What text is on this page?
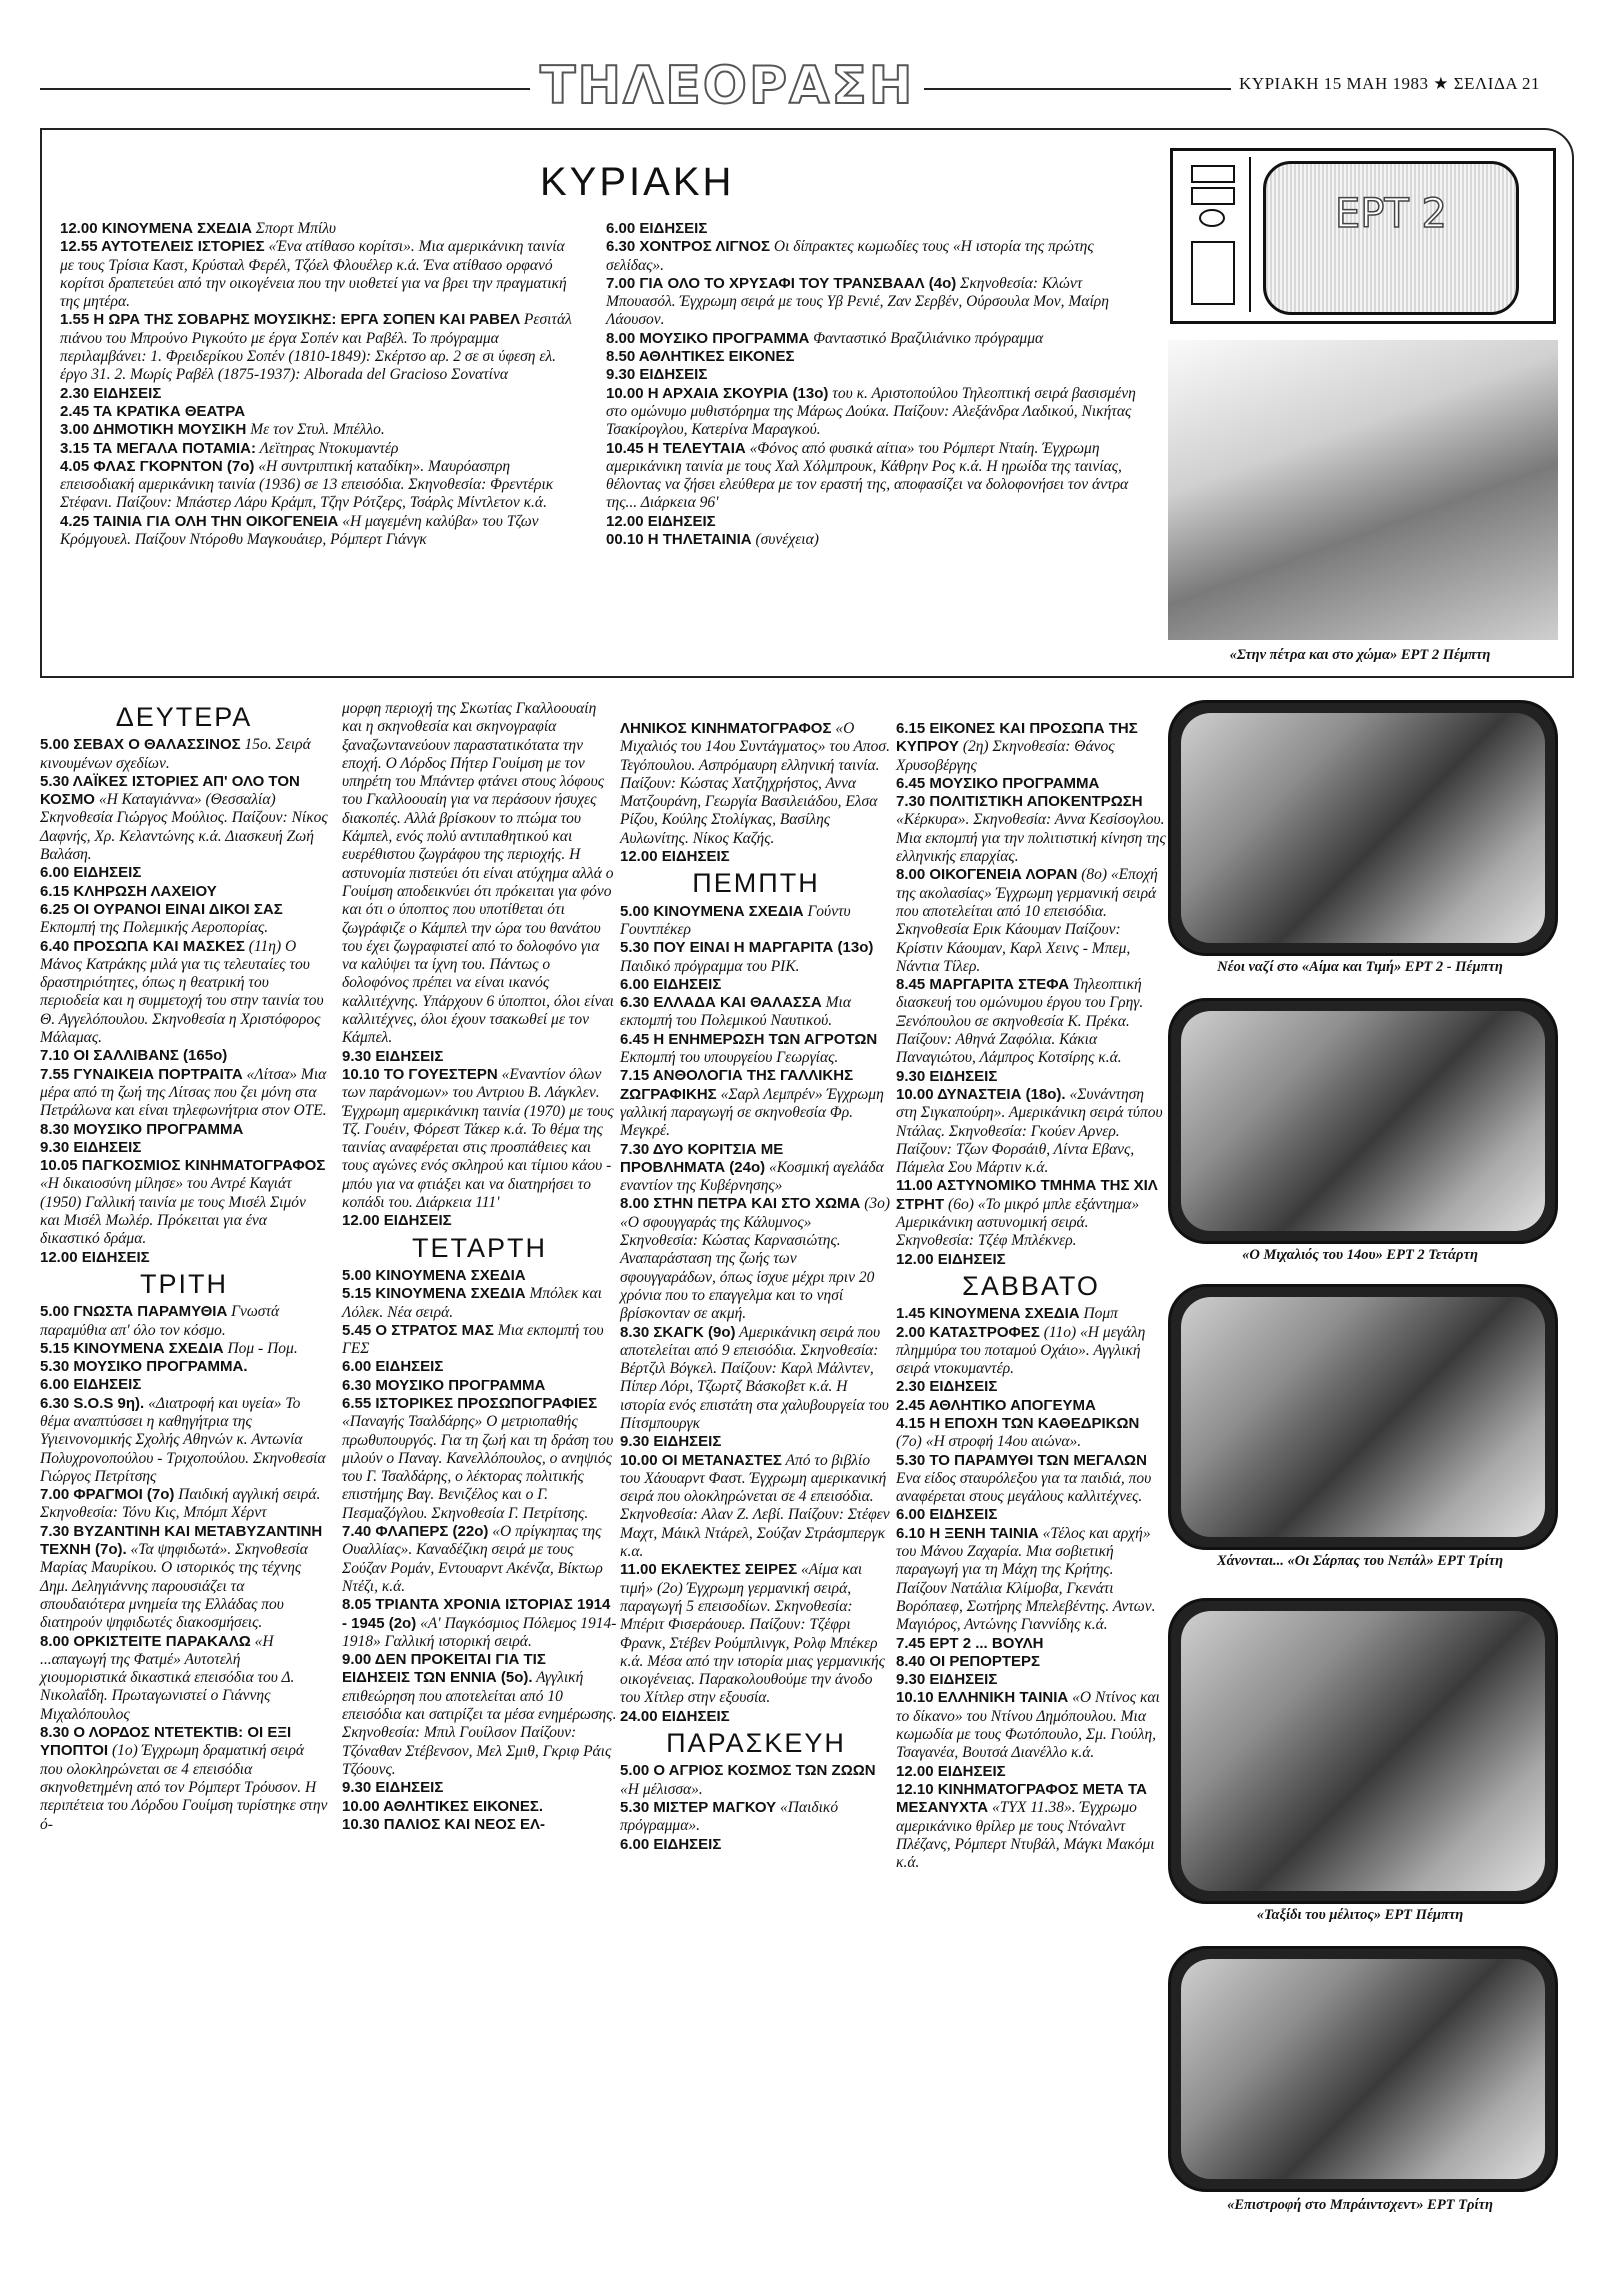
ΤΗΛΕΟΡΑΣΗ	ΚΥΡΙΑΚΗ 15 ΜΑΗ 1983 ★ ΣΕΛΙΔΑ 21
ΚΥΡΙΑΚΗ

12.00 ΚΙΝΟΥΜΕΝΑ ΣΧΕΔΙΑ Σπορτ Μπίλυ

12.55 ΑΥΤΟΤΕΛΕΙΣ ΙΣΤΟΡΙΕΣ «Ένα ατίθασο κορίτσι». Μια αμερικάνικη ταινία με τους Τρίσια Καστ, Κρύσταλ Φερέλ, Τζόελ Φλουέλερ κ.ά. Ένα ατίθασο ορφανό κορίτσι δραπετεύει από την οικογένεια που την υιοθετεί για να βρει την πραγματική της μητέρα.

1.55 Η ΩΡΑ ΤΗΣ ΣΟΒΑΡΗΣ ΜΟΥΣΙΚΗΣ: ΕΡΓΑ ΣΟΠΕΝ ΚΑΙ ΡΑΒΕΛ Ρεσιτάλ πιάνου του Μπρούνο Ριγκούτο με έργα Σοπέν και Ραβέλ. Το πρόγραμμα περιλαμβάνει: 1. Φρειδερίκου Σοπέν (1810-1849): Σκέρτσο αρ. 2 σε σι ύφεση ελ. έργο 31. 2. Μωρίς Ραβέλ (1875-1937): Alborada del Gracioso Σονατίνα

2.30 ΕΙΔΗΣΕΙΣ

2.45 ΤΑ ΚΡΑΤΙΚΑ ΘΕΑΤΡΑ

3.00 ΔΗΜΟΤΙΚΗ ΜΟΥΣΙΚΗ Με τον Στυλ. Μπέλλο.

3.15 ΤΑ ΜΕΓΑΛΑ ΠΟΤΑΜΙΑ: Λεϊτηρας Ντοκυμαντέρ

4.05 ΦΛΑΣ ΓΚΟΡΝΤΟΝ (7ο) «Η συντριπτική καταδίκη». Μαυρόασπρη επεισοδιακή αμερικάνικη ταινία (1936) σε 13 επεισόδια. Σκηνοθεσία: Φρεντέρικ Στέφανι. Παίζουν: Μπάστερ Λάρυ Κράμπ, Τζην Ρότζερς, Τσάρλς Μίντλετον κ.ά.

4.25 ΤΑΙΝΙΑ ΓΙΑ ΟΛΗ ΤΗΝ ΟΙΚΟΓΕΝΕΙΑ «Η μαγεμένη καλύβα» του Τζων Κρόμγουελ. Παίζουν Ντόροθυ Μαγκουάιερ, Ρόμπερτ Γιάνγκ

6.00 ΕΙΔΗΣΕΙΣ

6.30 ΧΟΝΤΡΟΣ ΛΙΓΝΟΣ Οι δίπρακτες κωμωδίες τους «Η ιστορία της πρώτης σελίδας».

7.00 ΓΙΑ ΟΛΟ ΤΟ ΧΡΥΣΑΦΙ ΤΟΥ ΤΡΑΝΣΒΑΑΛ (4ο) Σκηνοθεσία: Κλώντ Μπουασόλ. Έγχρωμη σειρά με τους Υβ Ρενιέ, Ζαν Σερβέν, Ούρσουλα Μον, Μαίρη Λάουσον.

8.00 ΜΟΥΣΙΚΟ ΠΡΟΓΡΑΜΜΑ Φανταστικό Βραζιλιάνικο πρόγραμμα

8.50 ΑΘΛΗΤΙΚΕΣ ΕΙΚΟΝΕΣ

9.30 ΕΙΔΗΣΕΙΣ

10.00 Η ΑΡΧΑΙΑ ΣΚΟΥΡΙΑ (13ο) του κ. Αριστοπούλου Τηλεοπτική σειρά βασισμένη στο ομώνυμο μυθιστόρημα της Μάρως Δούκα. Παίζουν: Αλεξάνδρα Λαδικού, Νικήτας Τσακίρογλου, Κατερίνα Μαραγκού.

10.45 Η ΤΕΛΕΥΤΑΙΑ «Φόνος από φυσικά αίτια» του Ρόμπερτ Νταίη. Έγχρωμη αμερικάνικη ταινία με τους Χαλ Χόλμπρουκ, Κάθρην Ρος κ.ά. Η ηρωίδα της ταινίας, θέλοντας να ζήσει ελεύθερα με τον εραστή της, αποφασίζει να δολοφονήσει τον άντρα της... Διάρκεια 96'

12.00 ΕΙΔΗΣΕΙΣ

00.10 Η ΤΗΛΕΤΑΙΝΙΑ (συνέχεια)

ΕΡΤ 2
«Στην πέτρα και στο χώμα» ΕΡΤ 2 Πέμπτη
ΔΕΥΤΕΡΑ

5.00 ΣΕΒΑΧ Ο ΘΑΛΑΣΣΙΝΟΣ 15ο. Σειρά κινουμένων σχεδίων.

5.30 ΛΑΪΚΕΣ ΙΣΤΟΡΙΕΣ ΑΠ' ΟΛΟ ΤΟΝ ΚΟΣΜΟ «Η Καταγιάννα» (Θεσσαλία) Σκηνοθεσία Γιώργος Μούλιος. Παίζουν: Νίκος Δαφνής, Χρ. Κελαντώνης κ.ά. Διασκευή Ζωή Βαλάση.

6.00 ΕΙΔΗΣΕΙΣ

6.15 ΚΛΗΡΩΣΗ ΛΑΧΕΙΟΥ

6.25 ΟΙ ΟΥΡΑΝΟΙ ΕΙΝΑΙ ΔΙΚΟΙ ΣΑΣ Εκπομπή της Πολεμικής Αεροπορίας.

6.40 ΠΡΟΣΩΠΑ ΚΑΙ ΜΑΣΚΕΣ (11η) Ο Μάνος Κατράκης μιλά για τις τελευταίες του δραστηριότητες, όπως η θεατρική του περιοδεία και η συμμετοχή του στην ταινία του Θ. Αγγελόπουλου. Σκηνοθεσία η Χριστόφορος Μάλαμας.

7.10 ΟΙ ΣΑΛΛΙΒΑΝΣ (165ο)

7.55 ΓΥΝΑΙΚΕΙΑ ΠΟΡΤΡΑΙΤΑ «Λίτσα» Μια μέρα από τη ζωή της Λίτσας που ζει μόνη στα Πετράλωνα και είναι τηλεφωνήτρια στον ΟΤΕ.

8.30 ΜΟΥΣΙΚΟ ΠΡΟΓΡΑΜΜΑ

9.30 ΕΙΔΗΣΕΙΣ

10.05 ΠΑΓΚΟΣΜΙΟΣ ΚΙΝΗΜΑΤΟΓΡΑΦΟΣ «Η δικαιοσύνη μίλησε» του Αντρέ Καγιάτ (1950) Γαλλική ταινία με τους Μισέλ Σιμόν και Μισέλ Μωλέρ. Πρόκειται για ένα δικαστικό δράμα.

12.00 ΕΙΔΗΣΕΙΣ

ΤΡΙΤΗ

5.00 ΓΝΩΣΤΑ ΠΑΡΑΜΥΘΙΑ Γνωστά παραμύθια απ' όλο τον κόσμο.

5.15 ΚΙΝΟΥΜΕΝΑ ΣΧΕΔΙΑ Πομ - Πομ.

5.30 ΜΟΥΣΙΚΟ ΠΡΟΓΡΑΜΜΑ.

6.00 ΕΙΔΗΣΕΙΣ

6.30 S.O.S 9η). «Διατροφή και υγεία» Το θέμα αναπτύσσει η καθηγήτρια της Υγιεινονομικής Σχολής Αθηνών κ. Αντωνία Πολυχρονοπούλου - Τριχοπούλου. Σκηνοθεσία Γιώργος Πετρίτσης

7.00 ΦΡΑΓΜΟΙ (7ο) Παιδική αγγλική σειρά. Σκηνοθεσία: Τόνυ Κις, Μπόμπ Χέρντ

7.30 ΒΥΖΑΝΤΙΝΗ ΚΑΙ ΜΕΤΑΒΥΖΑΝΤΙΝΗ ΤΕΧΝΗ (7ο). «Τα ψηφιδωτά». Σκηνοθεσία Μαρίας Μαυρίκου. Ο ιστορικός της τέχνης Δημ. Δεληγιάννης παρουσιάζει τα σπουδαιότερα μνημεία της Ελλάδας που διατηρούν ψηφιδωτές διακοσμήσεις.

8.00 ΟΡΚΙΣΤΕΙΤΕ ΠΑΡΑΚΑΛΩ «Η ...απαγωγή της Φατμέ» Αυτοτελή χιουμοριστικά δικαστικά επεισόδια του Δ. Νικολαΐδη. Πρωταγωνιστεί ο Γιάννης Μιχαλόπουλος

8.30 Ο ΛΟΡΔΟΣ ΝΤΕΤΕΚΤΙΒ: ΟΙ ΕΞΙ ΥΠΟΠΤΟΙ (1ο) Έγχρωμη δραματική σειρά που ολοκληρώνεται σε 4 επεισόδια σκηνοθετημένη από τον Ρόμπερτ Τρόυσον. Η περιπέτεια του Λόρδου Γουίμση τυρίστηκε στην ό-

μορφη περιοχή της Σκωτίας Γκαλλοουαίη και η σκηνοθεσία και σκηνογραφία ξαναζωντανεύουν παραστατικότατα την εποχή. Ο Λόρδος Πήτερ Γουίμση με τον υπηρέτη του Μπάντερ φτάνει στους λόφους του Γκαλλοουαίη για να περάσουν ήσυχες διακοπές. Αλλά βρίσκουν το πτώμα του Κάμπελ, ενός πολύ αντιπαθητικού και ευερέθιστου ζωγράφου της περιοχής. Η αστυνομία πιστεύει ότι είναι ατύχημα αλλά ο Γουίμση αποδεικνύει ότι πρόκειται για φόνο και ότι ο ύποπτος που υποτίθεται ότι ζωγράφιζε ο Κάμπελ την ώρα του θανάτου του έχει ζωγραφιστεί από το δολοφόνο για να καλύψει τα ίχνη του. Πάντως ο δολοφόνος πρέπει να είναι ικανός καλλιτέχνης. Υπάρχουν 6 ύποπτοι, όλοι είναι καλλιτέχνες, όλοι έχουν τσακωθεί με τον Κάμπελ.

9.30 ΕΙΔΗΣΕΙΣ

10.10 ΤΟ ΓΟΥΕΣΤΕΡΝ «Εναντίον όλων των παράνομων» του Αντριου Β. Λάγκλεν. Έγχρωμη αμερικάνικη ταινία (1970) με τους Τζ. Γουέιν, Φόρεστ Τάκερ κ.ά. Το θέμα της ταινίας αναφέρεται στις προσπάθειες και τους αγώνες ενός σκληρού και τίμιου κάου - μπόυ για να φτιάξει και να διατηρήσει το κοπάδι του. Διάρκεια 111'

12.00 ΕΙΔΗΣΕΙΣ

ΤΕΤΑΡΤΗ

5.00 ΚΙΝΟΥΜΕΝΑ ΣΧΕΔΙΑ

5.15 ΚΙΝΟΥΜΕΝΑ ΣΧΕΔΙΑ Μπόλεκ και Λόλεκ. Νέα σειρά.

5.45 Ο ΣΤΡΑΤΟΣ ΜΑΣ Μια εκπομπή του ΓΕΣ

6.00 ΕΙΔΗΣΕΙΣ

6.30 ΜΟΥΣΙΚΟ ΠΡΟΓΡΑΜΜΑ

6.55 ΙΣΤΟΡΙΚΕΣ ΠΡΟΣΩΠΟΓΡΑΦΙΕΣ «Παναγής Τσαλδάρης» Ο μετριοπαθής πρωθυπουργός. Για τη ζωή και τη δράση του μιλούν ο Παναγ. Κανελλόπουλος, ο ανηψιός του Γ. Τσαλδάρης, ο λέκτορας πολιτικής επιστήμης Βαγ. Βενιζέλος και ο Γ. Πεσμαζόγλου. Σκηνοθεσία Γ. Πετρίτσης.

7.40 ΦΛΑΠΕΡΣ (22ο) «Ο πρίγκηπας της Ουαλλίας». Καναδέζικη σειρά με τους Σούζαν Ρομάν, Εντουαρντ Ακένζα, Βίκτωρ Ντέζι, κ.ά.

8.05 ΤΡΙΑΝΤΑ ΧΡΟΝΙΑ ΙΣΤΟΡΙΑΣ 1914 - 1945 (2ο) «Α' Παγκόσμιος Πόλεμος 1914-1918» Γαλλική ιστορική σειρά.

9.00 ΔΕΝ ΠΡΟΚΕΙΤΑΙ ΓΙΑ ΤΙΣ ΕΙΔΗΣΕΙΣ ΤΩΝ ΕΝΝΙΑ (5ο). Αγγλική επιθεώρηση που αποτελείται από 10 επεισόδια και σατιρίζει τα μέσα ενημέρωσης. Σκηνοθεσία: Μπιλ Γουίλσον Παίζουν: Τζόναθαν Στέβενσον, Μελ Σμιθ, Γκριφ Ράις Τζόουνς.

9.30 ΕΙΔΗΣΕΙΣ

10.00 ΑΘΛΗΤΙΚΕΣ ΕΙΚΟΝΕΣ.

10.30 ΠΑΛΙΟΣ ΚΑΙ ΝΕΟΣ ΕΛ-

ΛΗΝΙΚΟΣ ΚΙΝΗΜΑΤΟΓΡΑΦΟΣ «Ο Μιχαλιός του 14ου Συντάγματος» του Αποσ. Τεγόπουλου. Ασπρόμαυρη ελληνική ταινία. Παίζουν: Κώστας Χατζηχρήστος, Αννα Ματζουράνη, Γεωργία Βασιλειάδου, Ελσα Ρίζου, Κούλης Στολίγκας, Βασίλης Αυλωνίτης. Νίκος Καζής.

12.00 ΕΙΔΗΣΕΙΣ

ΠΕΜΠΤΗ

5.00 ΚΙΝΟΥΜΕΝΑ ΣΧΕΔΙΑ Γούντυ Γουντπέκερ

5.30 ΠΟΥ ΕΙΝΑΙ Η ΜΑΡΓΑΡΙΤΑ (13ο) Παιδικό πρόγραμμα του ΡΙΚ.

6.00 ΕΙΔΗΣΕΙΣ

6.30 ΕΛΛΑΔΑ ΚΑΙ ΘΑΛΑΣΣΑ Μια εκπομπή του Πολεμικού Ναυτικού.

6.45 Η ΕΝΗΜΕΡΩΣΗ ΤΩΝ ΑΓΡΟΤΩΝ Εκπομπή του υπουργείου Γεωργίας.

7.15 ΑΝΘΟΛΟΓΙΑ ΤΗΣ ΓΑΛΛΙΚΗΣ ΖΩΓΡΑΦΙΚΗΣ «Σαρλ Λεμπρέν» Έγχρωμη γαλλική παραγωγή σε σκηνοθεσία Φρ. Μεγκρέ.

7.30 ΔΥΟ ΚΟΡΙΤΣΙΑ ΜΕ ΠΡΟΒΛΗΜΑΤΑ (24ο) «Κοσμική αγελάδα εναντίον της Κυβέρνησης»

8.00 ΣΤΗΝ ΠΕΤΡΑ ΚΑΙ ΣΤΟ ΧΩΜΑ (3ο) «Ο σφουγγαράς της Κάλυμνος» Σκηνοθεσία: Κώστας Καρνασιώτης. Αναπαράσταση της ζωής των σφουγγαράδων, όπως ίσχυε μέχρι πριν 20 χρόνια που το επαγγελμα και το νησί βρίσκονταν σε ακμή.

8.30 ΣΚΑΓΚ (9ο) Αμερικάνικη σειρά που αποτελείται από 9 επεισόδια. Σκηνοθεσία: Βέρτζιλ Βόγκελ. Παίζουν: Καρλ Μάλντεν, Πίπερ Λόρι, Τζωρτζ Βάσκοβετ κ.ά. Η ιστορία ενός επιστάτη στα χαλυβουργεία του Πίτσμπουργκ

9.30 ΕΙΔΗΣΕΙΣ

10.00 ΟΙ ΜΕΤΑΝΑΣΤΕΣ Από το βιβλίο του Χάουαρντ Φαστ. Έγχρωμη αμερικανική σειρά που ολοκληρώνεται σε 4 επεισόδια. Σκηνοθεσία: Αλαν Ζ. Λεβί. Παίζουν: Στέφεν Μαχτ, Μάικλ Ντάρελ, Σούζαν Στράσμπεργκ κ.α.

11.00 ΕΚΛΕΚΤΕΣ ΣΕΙΡΕΣ «Αίμα και τιμή» (2ο) Έγχρωμη γερμανική σειρά, παραγωγή 5 επεισοδίων. Σκηνοθεσία: Μπέριτ Φισεράουερ. Παίζουν: Τζέφρι Φρανκ, Στέβεν Ρούμπλινγκ, Ρολφ Μπέκερ κ.ά. Μέσα από την ιστορία μιας γερμανικής οικογένειας. Παρακολουθούμε την άνοδο του Χίτλερ στην εξουσία.

24.00 ΕΙΔΗΣΕΙΣ

ΠΑΡΑΣΚΕΥΗ

5.00 Ο ΑΓΡΙΟΣ ΚΟΣΜΟΣ ΤΩΝ ΖΩΩΝ «Η μέλισσα».

5.30 ΜΙΣΤΕΡ ΜΑΓΚΟΥ «Παιδικό πρόγραμμα».

6.00 ΕΙΔΗΣΕΙΣ

6.15 ΕΙΚΟΝΕΣ ΚΑΙ ΠΡΟΣΩΠΑ ΤΗΣ ΚΥΠΡΟΥ (2η) Σκηνοθεσία: Θάνος Χρυσοβέργης

6.45 ΜΟΥΣΙΚΟ ΠΡΟΓΡΑΜΜΑ

7.30 ΠΟΛΙΤΙΣΤΙΚΗ ΑΠΟΚΕΝΤΡΩΣΗ «Κέρκυρα». Σκηνοθεσία: Αννα Κεσίσογλου. Μια εκπομπή για την πολιτιστική κίνηση της ελληνικής επαρχίας.

8.00 ΟΙΚΟΓΕΝΕΙΑ ΛΟΡΑΝ (8ο) «Εποχή της ακολασίας» Έγχρωμη γερμανική σειρά που αποτελείται από 10 επεισόδια. Σκηνοθεσία Ερικ Κάουμαν Παίζουν: Κρίστιν Κάουμαν, Καρλ Χεινς - Μπεμ, Νάντια Τίλερ.

8.45 ΜΑΡΓΑΡΙΤΑ ΣΤΕΦΑ Τηλεοπτική διασκευή του ομώνυμου έργου του Γρηγ. Ξενόπουλου σε σκηνοθεσία Κ. Πρέκα. Παίζουν: Αθηνά Ζαφόλια. Κάκια Παναγιώτου, Λάμπρος Κοτσίρης κ.ά.

9.30 ΕΙΔΗΣΕΙΣ

10.00 ΔΥΝΑΣΤΕΙΑ (18ο). «Συνάντηση στη Σιγκαπούρη». Αμερικάνικη σειρά τύπου Ντάλας. Σκηνοθεσία: Γκούεν Αρνερ. Παίζουν: Τζων Φορσάιθ, Λίντα Εβανς, Πάμελα Σου Μάρτιν κ.ά.

11.00 ΑΣΤΥΝΟΜΙΚΟ ΤΜΗΜΑ ΤΗΣ ΧΙΛ ΣΤΡΗΤ (6ο) «Το μικρό μπλε εξάντημα» Αμερικάνικη αστυνομική σειρά. Σκηνοθεσία: Τζέφ Μπλέκνερ.

12.00 ΕΙΔΗΣΕΙΣ

ΣΑΒΒΑΤΟ

1.45 ΚΙΝΟΥΜΕΝΑ ΣΧΕΔΙΑ Πομπ

2.00 ΚΑΤΑΣΤΡΟΦΕΣ (11ο) «Η μεγάλη πλημμύρα του ποταμού Οχάιο». Αγγλική σειρά ντοκυμαντέρ.

2.30 ΕΙΔΗΣΕΙΣ

2.45 ΑΘΛΗΤΙΚΟ ΑΠΟΓΕΥΜΑ

4.15 Η ΕΠΟΧΗ ΤΩΝ ΚΑΘΕΔΡΙΚΩΝ (7ο) «Η στροφή 14ου αιώνα».

5.30 ΤΟ ΠΑΡΑΜΥΘΙ ΤΩΝ ΜΕΓΑΛΩΝ Ενα είδος σταυρόλεξου για τα παιδιά, που αναφέρεται στους μεγάλους καλλιτέχνες.

6.00 ΕΙΔΗΣΕΙΣ

6.10 Η ΞΕΝΗ ΤΑΙΝΙΑ «Τέλος και αρχή» του Μάνου Ζαχαρία. Μια σοβιετική παραγωγή για τη Μάχη της Κρήτης. Παίζουν Νατάλια Κλίμοβα, Γκενάτι Βορόπαεφ, Σωτήρης Μπελεβέντης. Αντων. Μαγιόρος, Αντώνης Γιαννίδης κ.ά.

7.45 ΕΡΤ 2 ... ΒΟΥΛΗ

8.40 ΟΙ ΡΕΠΟΡΤΕΡΣ

9.30 ΕΙΔΗΣΕΙΣ

10.10 ΕΛΛΗΝΙΚΗ ΤΑΙΝΙΑ «Ο Ντίνος και το δίκανο» του Ντίνου Δημόπουλου. Μια κωμωδία με τους Φωτόπουλο, Σμ. Γιούλη, Τσαγανέα, Βουτσά Διανέλλο κ.ά.

12.00 ΕΙΔΗΣΕΙΣ

12.10 ΚΙΝΗΜΑΤΟΓΡΑΦΟΣ ΜΕΤΑ ΤΑ ΜΕΣΑΝΥΧΤΑ «ΤΥΧ 11.38». Έγχρωμο αμερικάνικο θρίλερ με τους Ντόναλντ Πλέζανς, Ρόμπερτ Ντυβάλ, Μάγκι Μακόμι κ.ά.

Νέοι ναζί στο «Αίμα και Τιμή» ΕΡΤ 2 - Πέμπτη
«Ο Μιχαλιός του 14ου» ΕΡΤ 2 Τετάρτη
Χάνονται... «Οι Σάρπας του Νεπάλ» ΕΡΤ Τρίτη
«Ταξίδι του μέλιτος» ΕΡΤ Πέμπτη
«Επιστροφή στο Μπράιντσχεντ» ΕΡΤ Τρίτη
